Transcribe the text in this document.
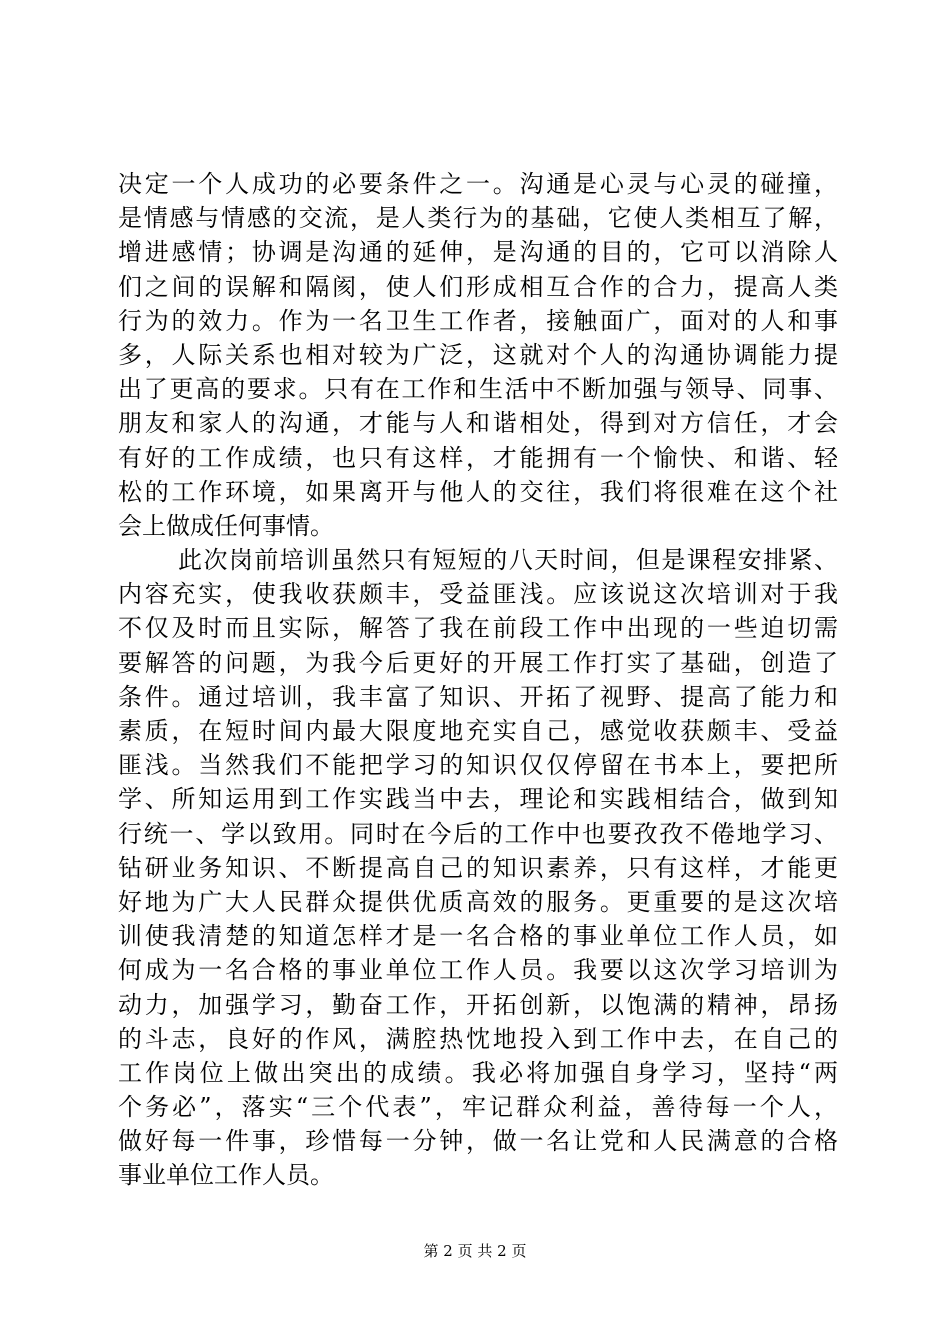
决定一个人成功的必要条件之一。沟通是心灵与心灵的碰撞，
是情感与情感的交流，是人类行为的基础，它使人类相互了解，
增进感情；协调是沟通的延伸，是沟通的目的，它可以消除人
们之间的误解和隔阂，使人们形成相互合作的合力，提高人类
行为的效力。作为一名卫生工作者，接触面广，面对的人和事
多，人际关系也相对较为广泛，这就对个人的沟通协调能力提
出了更高的要求。只有在工作和生活中不断加强与领导、同事、
朋友和家人的沟通，才能与人和谐相处，得到对方信任，才会
有好的工作成绩，也只有这样，才能拥有一个愉快、和谐、轻
松的工作环境，如果离开与他人的交往，我们将很难在这个社
会上做成任何事情。
此次岗前培训虽然只有短短的八天时间，但是课程安排紧、
内容充实，使我收获颇丰，受益匪浅。应该说这次培训对于我
不仅及时而且实际，解答了我在前段工作中出现的一些迫切需
要解答的问题，为我今后更好的开展工作打实了基础，创造了
条件。通过培训，我丰富了知识、开拓了视野、提高了能力和
素质，在短时间内最大限度地充实自己，感觉收获颇丰、受益
匪浅。当然我们不能把学习的知识仅仅停留在书本上，要把所
学、所知运用到工作实践当中去，理论和实践相结合，做到知
行统一、学以致用。同时在今后的工作中也要孜孜不倦地学习、
钻研业务知识、不断提高自己的知识素养，只有这样，才能更
好地为广大人民群众提供优质高效的服务。更重要的是这次培
训使我清楚的知道怎样才是一名合格的事业单位工作人员，如
何成为一名合格的事业单位工作人员。我要以这次学习培训为
动力，加强学习，勤奋工作，开拓创新，以饱满的精神，昂扬
的斗志，良好的作风，满腔热忱地投入到工作中去，在自己的
工作岗位上做出突出的成绩。我必将加强自身学习，坚持“两
个务必”，落实“三个代表”，牢记群众利益，善待每一个人，
做好每一件事，珍惜每一分钟，做一名让党和人民满意的合格
事业单位工作人员。
第 2 页 共 2 页
